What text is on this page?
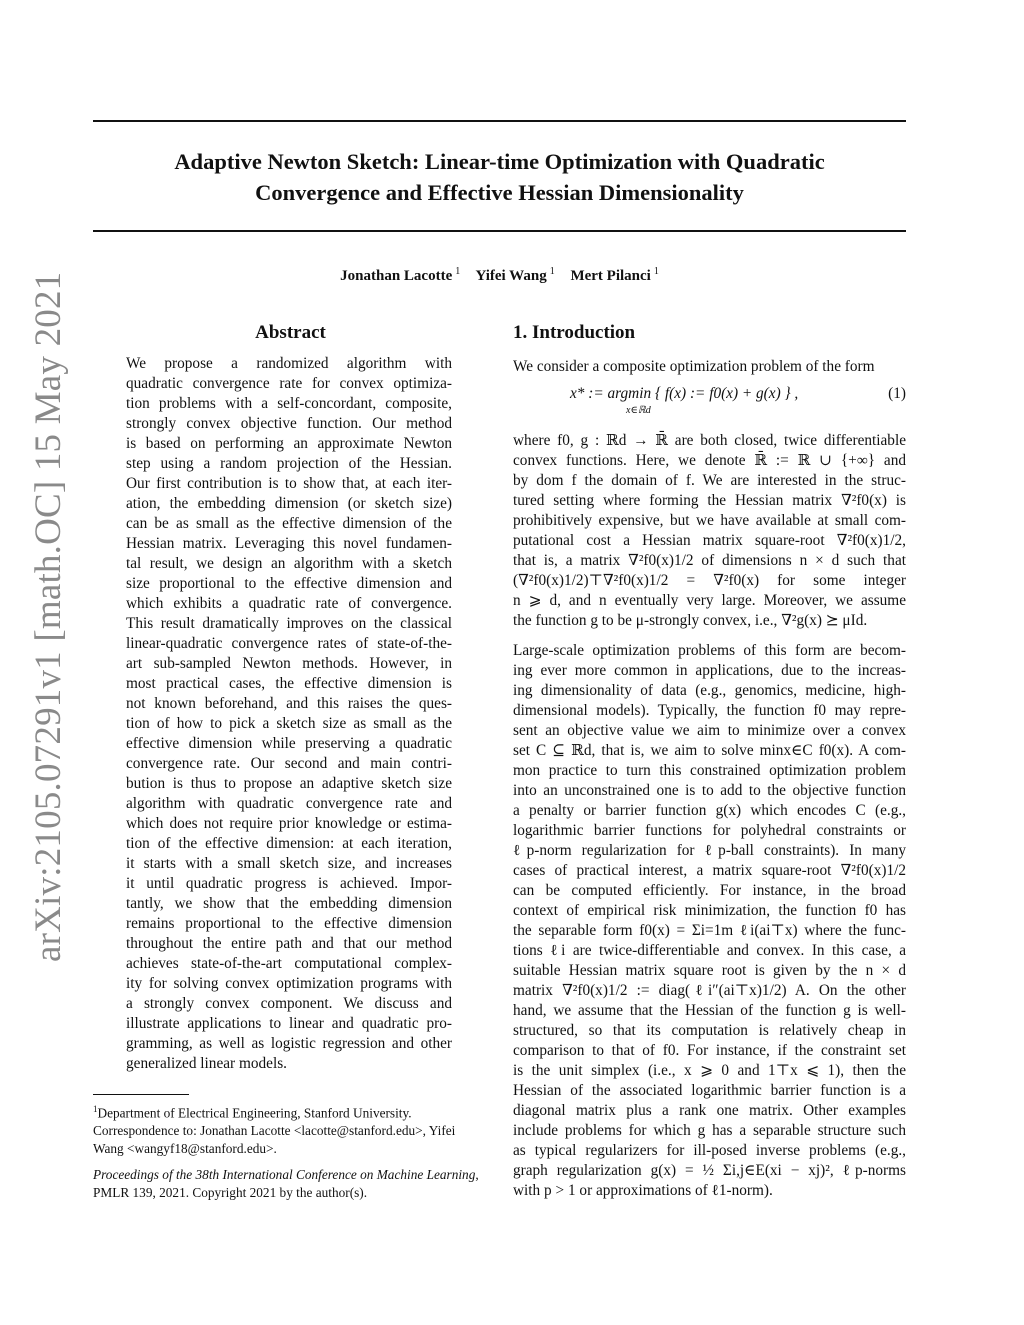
Adaptive Newton Sketch: Linear-time Optimization with Quadratic
Convergence and Effective Hessian Dimensionality
Jonathan Lacotte $^1$ Yifei Wang $^1$ Mert Pilanci $^1$
arXiv:2105.07291v1 [math.OC] 15 May 2021	Abstract
We propose a randomized algorithm with
quadratic convergence rate for convex optimiza-
tion problems with a self-concordant, composite,
strongly convex objective function. Our method
is based on performing an approximate Newton
step using a random projection of the Hessian.
Our first contribution is to show that, at each iter-
ation, the embedding dimension (or sketch size)
can be as small as the effective dimension of the
Hessian matrix. Leveraging this novel fundamen-
tal result, we design an algorithm with a sketch
size proportional to the effective dimension and
which exhibits a quadratic rate of convergence.
This result dramatically improves on the classical
linear-quadratic convergence rates of state-of-the-
art sub-sampled Newton methods. However, in
most practical cases, the effective dimension is
not known beforehand, and this raises the ques-
tion of how to pick a sketch size as small as the
effective dimension while preserving a quadratic
convergence rate. Our second and main contri-
bution is thus to propose an adaptive sketch size
algorithm with quadratic convergence rate and
which does not require prior knowledge or estima-
tion of the effective dimension: at each iteration,
it starts with a small sketch size, and increases
it until quadratic progress is achieved. Impor-
tantly, we show that the embedding dimension
remains proportional to the effective dimension
throughout the entire path and that our method
achieves state-of-the-art computational complex-
ity for solving convex optimization programs with
a strongly convex component. We discuss and
illustrate applications to linear and quadratic pro-
gramming, as well as logistic regression and other
generalized linear models.
$^1$Department of Electrical Engineering, Stanford University. Correspondence to: Jonathan Lacotte <lacotte@stanford.edu>, Yifei Wang <wangyf18@stanford.edu>.
Proceedings of the 38th International Conference on Machine Learning, PMLR 139, 2021. Copyright 2021 by the author(s).
1. Introduction
We consider a composite optimization problem of the form
x* := argmin { f(x) := f0(x) + g(x) } ,
x∈ℝd
(1)
where f0, g : ℝd → ℝ̄ are both closed, twice differentiable
convex functions. Here, we denote ℝ̄ := ℝ ∪ {+∞} and
by dom f the domain of f. We are interested in the struc-
tured setting where forming the Hessian matrix ∇²f0(x) is
prohibitively expensive, but we have available at small com-
putational cost a Hessian matrix square-root ∇²f0(x)1/2,
that is, a matrix ∇²f0(x)1/2 of dimensions n × d such that
(∇²f0(x)1/2)⊤∇²f0(x)1/2 = ∇²f0(x) for some integer
n ⩾ d, and n eventually very large. Moreover, we assume
the function g to be μ-strongly convex, i.e., ∇²g(x) ⪰ μId.
Large-scale optimization problems of this form are becom-
ing ever more common in applications, due to the increas-
ing dimensionality of data (e.g., genomics, medicine, high-
dimensional models). Typically, the function f0 may repre-
sent an objective value we aim to minimize over a convex
set C ⊆ ℝd, that is, we aim to solve minx∈C f0(x). A com-
mon practice to turn this constrained optimization problem
into an unconstrained one is to add to the objective function
a penalty or barrier function g(x) which encodes C (e.g.,
logarithmic barrier functions for polyhedral constraints or
ℓp-norm regularization for ℓp-ball constraints). In many
cases of practical interest, a matrix square-root ∇²f0(x)1/2
can be computed efficiently. For instance, in the broad
context of empirical risk minimization, the function f0 has
the separable form f0(x) = Σi=1m ℓi(ai⊤x) where the func-
tions ℓi are twice-differentiable and convex. In this case, a
suitable Hessian matrix square root is given by the n × d
matrix ∇²f0(x)1/2 := diag(ℓi″(ai⊤x)1/2) A. On the other
hand, we assume that the Hessian of the function g is well-
structured, so that its computation is relatively cheap in
comparison to that of f0. For instance, if the constraint set
is the unit simplex (i.e., x ⩾ 0 and 1⊤x ⩽ 1), then the
Hessian of the associated logarithmic barrier function is a
diagonal matrix plus a rank one matrix. Other examples
include problems for which g has a separable structure such
as typical regularizers for ill-posed inverse problems (e.g.,
graph regularization g(x) = ½ Σi,j∈E(xi − xj)², ℓp-norms
with p > 1 or approximations of ℓ1-norm).
